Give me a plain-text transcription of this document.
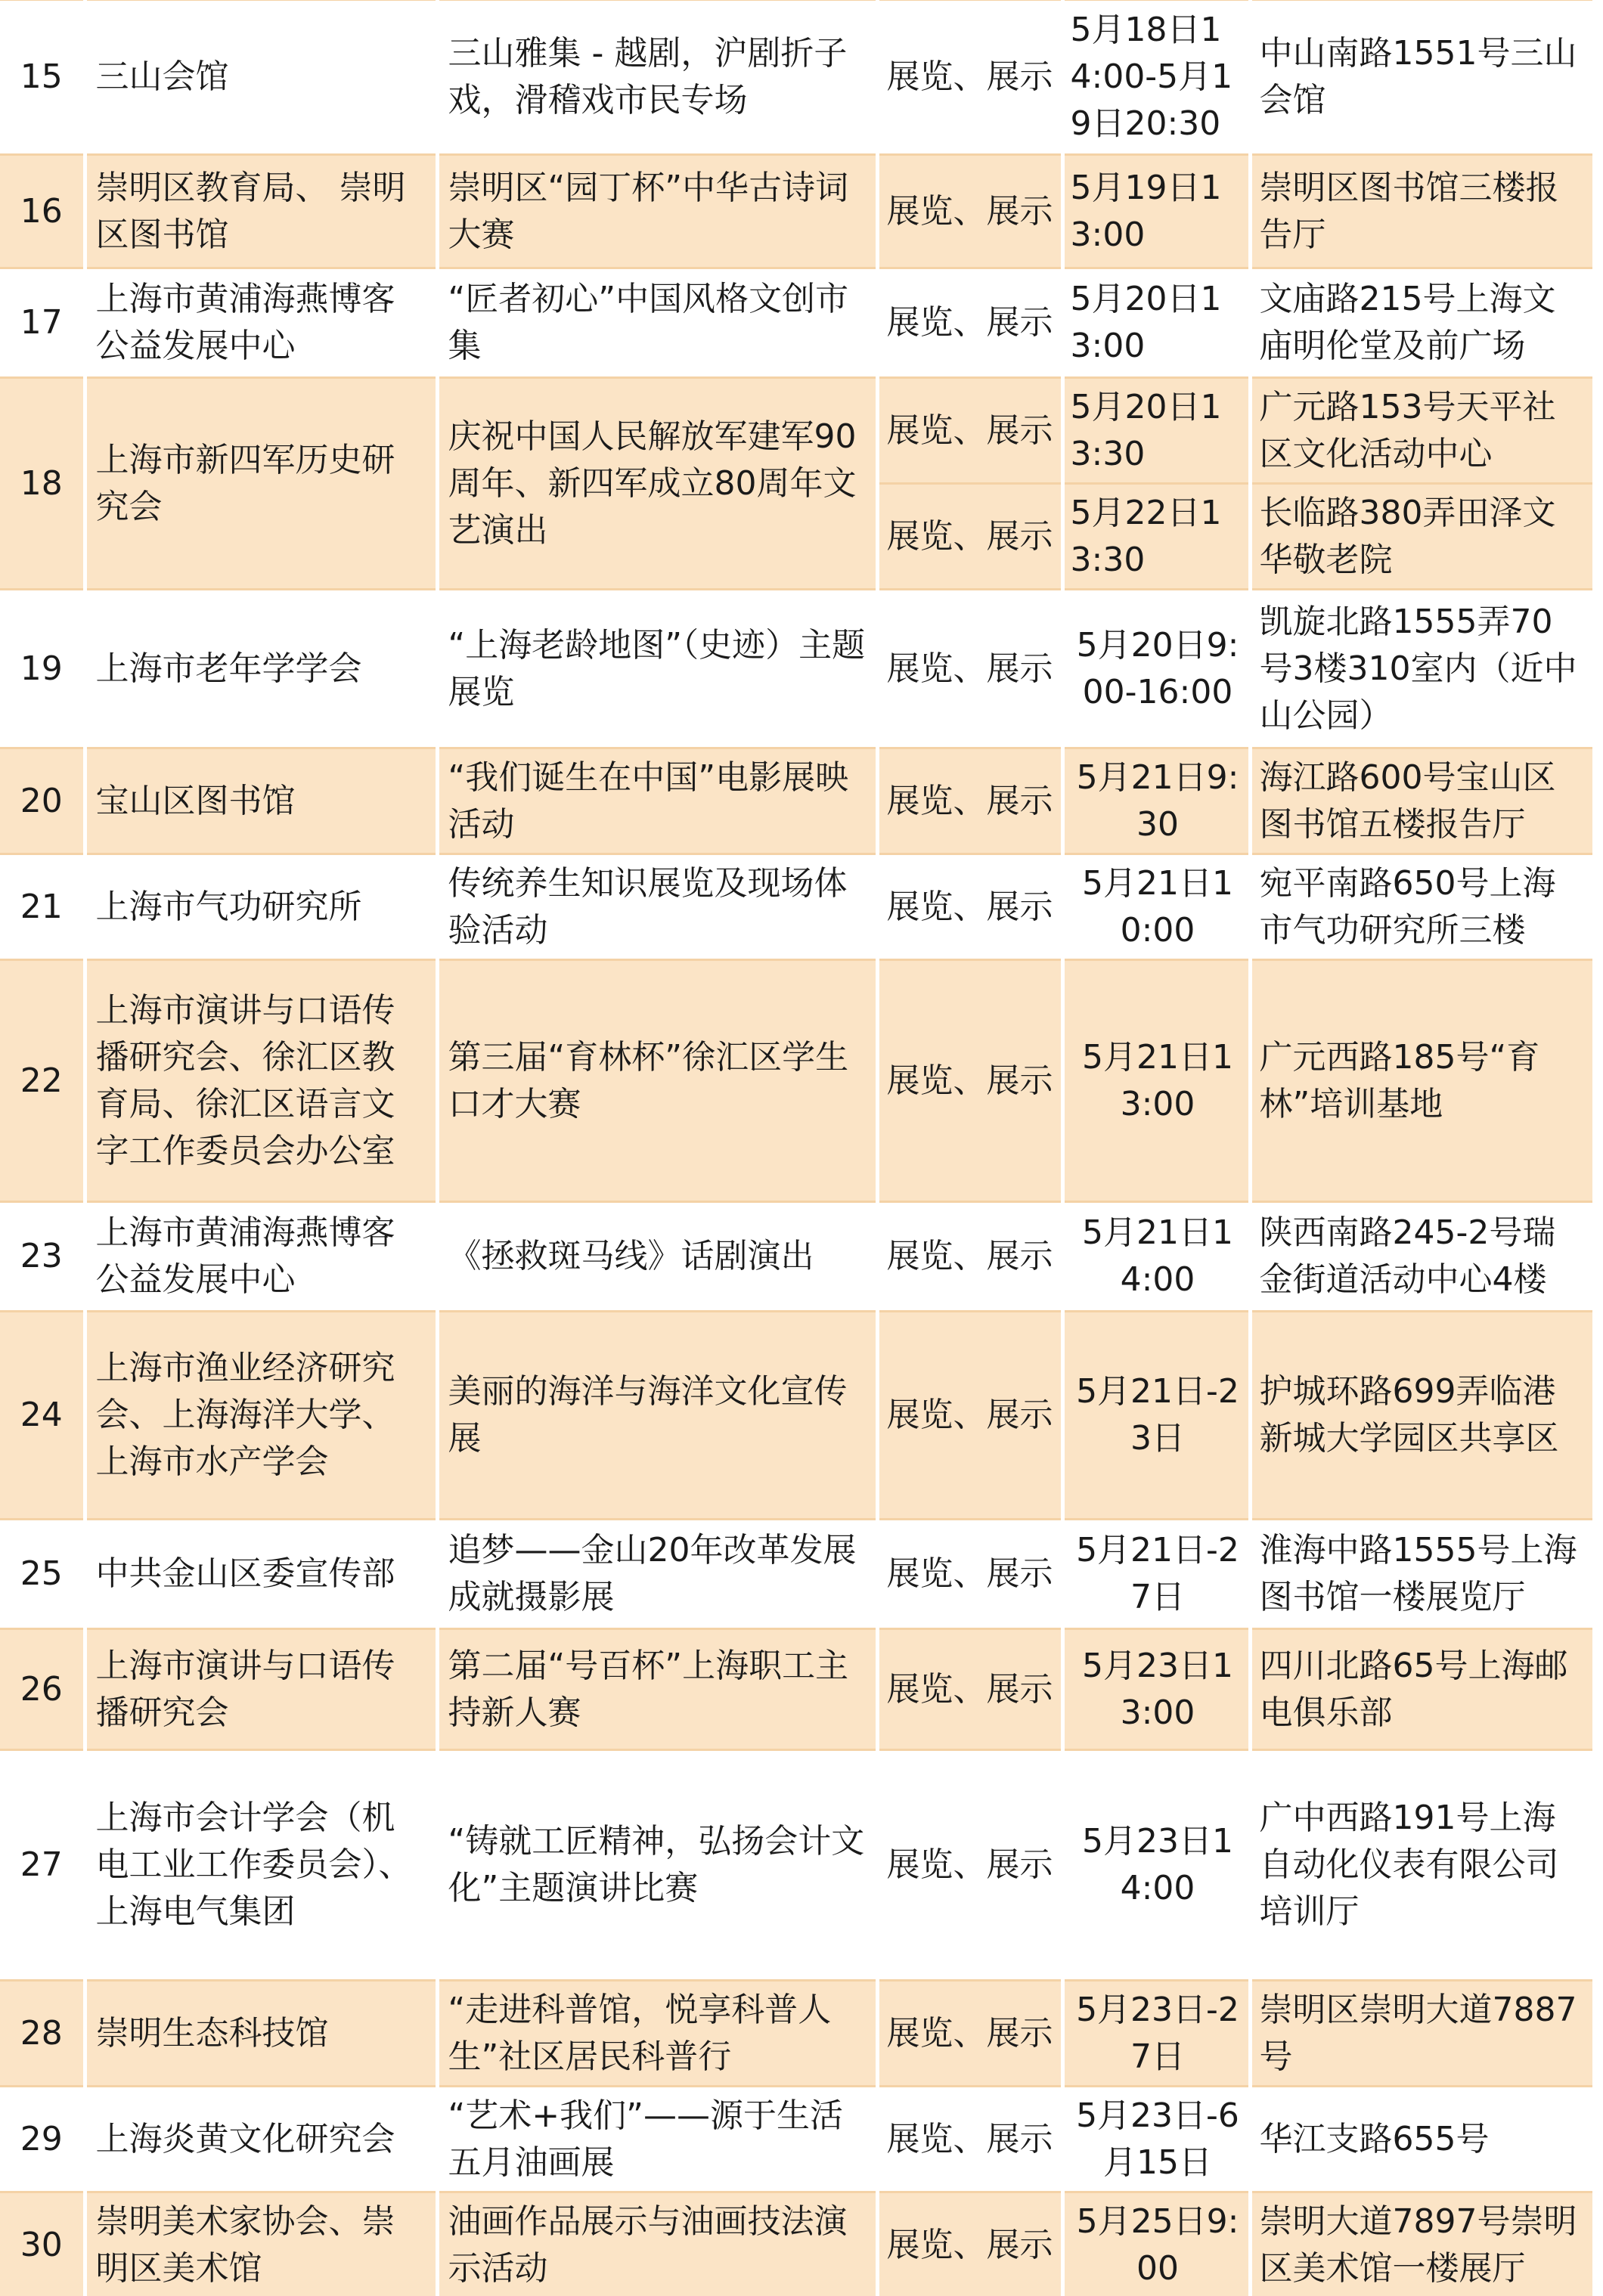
15	三山会馆	三山雅集 - 越剧，沪剧折子戏，滑稽戏市民专场	展览、展示	5月18日14:00-5月19日20:30	中山南路1551号三山会馆
16	崇明区教育局、 崇明区图书馆	崇明区“园丁杯”中华古诗词大赛	展览、展示	5月19日13:00	崇明区图书馆三楼报告厅
17	上海市黄浦海燕博客公益发展中心	“匠者初心”中国风格文创市集	展览、展示	5月20日13:00	文庙路215号上海文庙明伦堂及前广场
18	上海市新四军历史研究会	庆祝中国人民解放军建军90周年、新四军成立80周年文艺演出	展览、展示	5月20日13:30	广元路153号天平社区文化活动中心
			展览、展示	5月22日13:30	长临路380弄田泽文华敬老院
19	上海市老年学学会	“上海老龄地图”（史迹）主题展览	展览、展示	5月20日9:00-16:00	凯旋北路1555弄70号3楼310室内（近中山公园）
20	宝山区图书馆	“我们诞生在中国”电影展映活动	展览、展示	5月21日9:30	海江路600号宝山区图书馆五楼报告厅
21	上海市气功研究所	传统养生知识展览及现场体验活动	展览、展示	5月21日10:00	宛平南路650号上海市气功研究所三楼
22	上海市演讲与口语传播研究会、徐汇区教育局、徐汇区语言文字工作委员会办公室	第三届“育林杯”徐汇区学生口才大赛	展览、展示	5月21日13:00	广元西路185号“育林”培训基地
23	上海市黄浦海燕博客公益发展中心	《拯救斑马线》话剧演出	展览、展示	5月21日14:00	陕西南路245-2号瑞金街道活动中心4楼
24	上海市渔业经济研究会、上海海洋大学、上海市水产学会	美丽的海洋与海洋文化宣传展	展览、展示	5月21日-23日	护城环路699弄临港新城大学园区共享区
25	中共金山区委宣传部	追梦——金山20年改革发展成就摄影展	展览、展示	5月21日-27日	淮海中路1555号上海图书馆一楼展览厅
26	上海市演讲与口语传播研究会	第二届“号百杯”上海职工主持新人赛	展览、展示	5月23日13:00	四川北路65号上海邮电俱乐部
27	上海市会计学会（机电工业工作委员会）、上海电气集团	“铸就工匠精神，弘扬会计文化”主题演讲比赛	展览、展示	5月23日14:00	广中西路191号上海自动化仪表有限公司培训厅
28	崇明生态科技馆	“走进科普馆，悦享科普人生”社区居民科普行	展览、展示	5月23日-27日	崇明区崇明大道7887号
29	上海炎黄文化研究会	“艺术+我们”——源于生活五月油画展	展览、展示	5月23日-6月15日	华江支路655号
30	崇明美术家协会、崇明区美术馆	油画作品展示与油画技法演示活动	展览、展示	5月25日9:00	崇明大道7897号崇明区美术馆一楼展厅
